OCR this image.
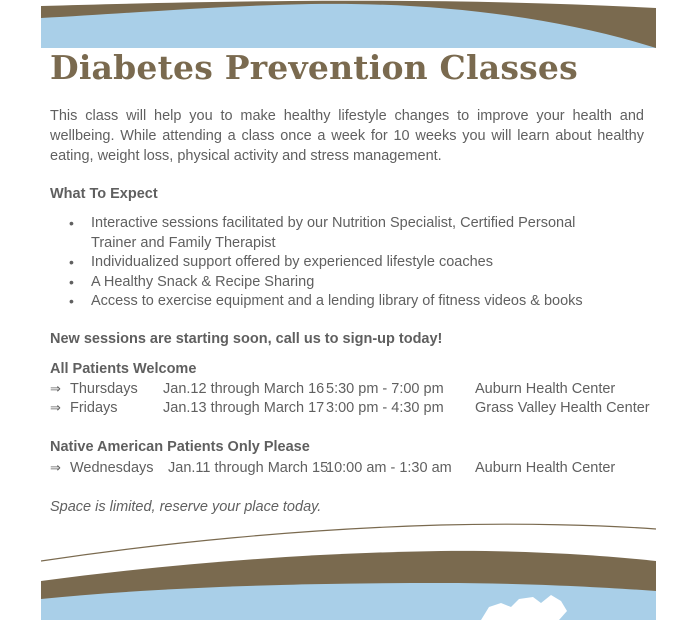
Diabetes Prevention Classes

This class will help you to make healthy lifestyle changes to improve your health and wellbeing. While attending a class once a week for 10 weeks you will learn about healthy eating, weight loss, physical activity and stress management.

What To Expect
• Interactive sessions facilitated by our Nutrition Specialist, Certified Personal Trainer and Family Therapist
• Individualized support offered by experienced lifestyle coaches
• A Healthy Snack & Recipe Sharing
• Access to exercise equipment and a lending library of fitness videos & books
New sessions are starting soon, call us to sign-up today!
All Patients Welcome
⇒ Thursdays Jan.12 through March 16 5:30 pm - 7:00 pm Auburn Health Center
⇒ Fridays	Jan.13 through March 17 3:00 pm - 4:30 pm Grass Valley Health Center
Native American Patients Only Please
⇒ Wednesdays Jan.11 through March 15
10:00 am - 1:30 am Auburn Health Center

Space is limited, reserve your place today.
